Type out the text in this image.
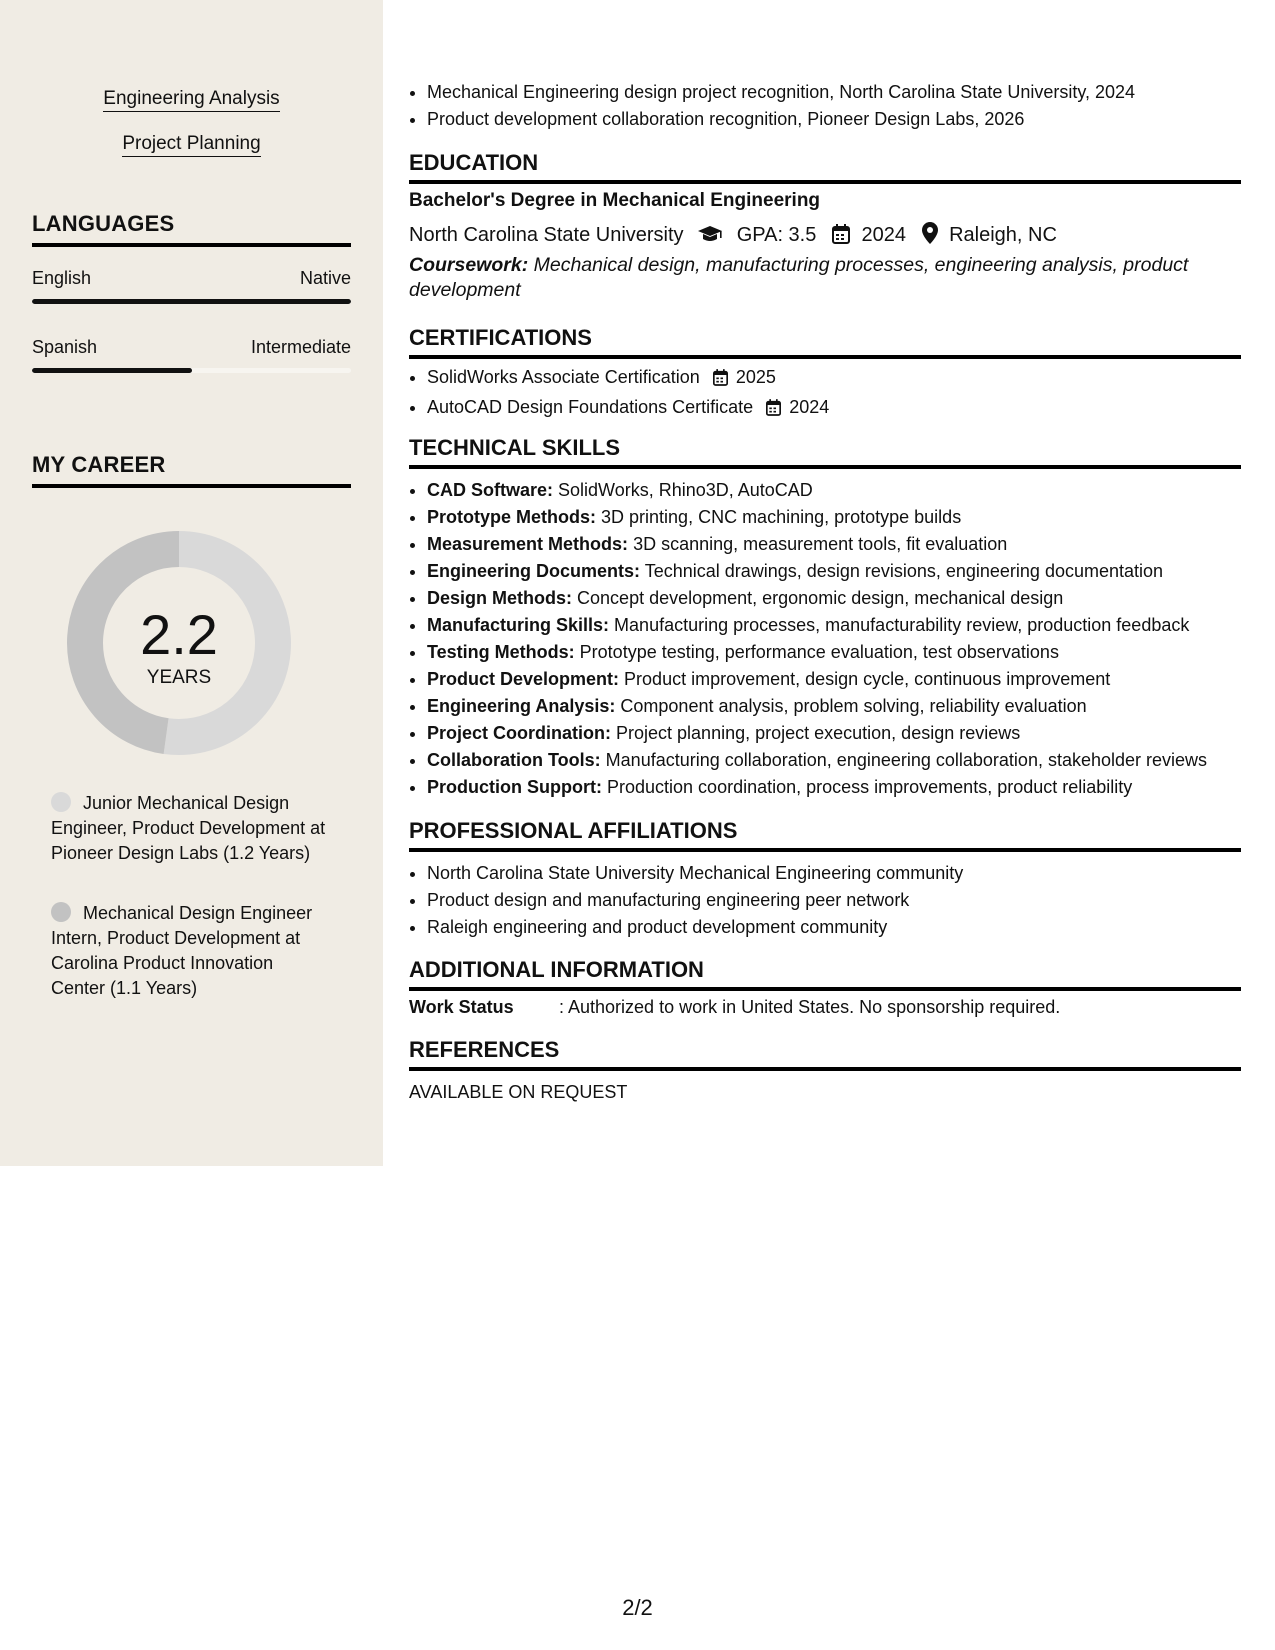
Engineering Analysis
Project Planning
LANGUAGES
English	Native
Spanish	Intermediate
MY CAREER
2.2
YEARS
Junior Mechanical Design Engineer, Product Development at Pioneer Design Labs (1.2 Years)
Mechanical Design Engineer Intern, Product Development at Carolina Product Innovation Center (1.1 Years)
• Mechanical Engineering design project recognition, North Carolina State University, 2024
• Product development collaboration recognition, Pioneer Design Labs, 2026
EDUCATION
Bachelor's Degree in Mechanical Engineering
North Carolina State University	GPA: 3.5 2024 Raleigh, NC
Coursework: Mechanical design, manufacturing processes, engineering analysis, product development
CERTIFICATIONS
• SolidWorks Associate Certification 2025
• AutoCAD Design Foundations Certificate 2024
TECHNICAL SKILLS
• CAD Software: SolidWorks, Rhino3D, AutoCAD
• Prototype Methods: 3D printing, CNC machining, prototype builds
• Measurement Methods: 3D scanning, measurement tools, fit evaluation
• Engineering Documents: Technical drawings, design revisions, engineering documentation
• Design Methods: Concept development, ergonomic design, mechanical design
• Manufacturing Skills: Manufacturing processes, manufacturability review, production feedback
• Testing Methods: Prototype testing, performance evaluation, test observations
• Product Development: Product improvement, design cycle, continuous improvement
• Engineering Analysis: Component analysis, problem solving, reliability evaluation
• Project Coordination: Project planning, project execution, design reviews
• Collaboration Tools: Manufacturing collaboration, engineering collaboration, stakeholder reviews
• Production Support: Production coordination, process improvements, product reliability
PROFESSIONAL AFFILIATIONS
• North Carolina State University Mechanical Engineering community
• Product design and manufacturing engineering peer network
• Raleigh engineering and product development community
ADDITIONAL INFORMATION
Work Status	: Authorized to work in United States. No sponsorship required.
REFERENCES
AVAILABLE ON REQUEST
2/2
